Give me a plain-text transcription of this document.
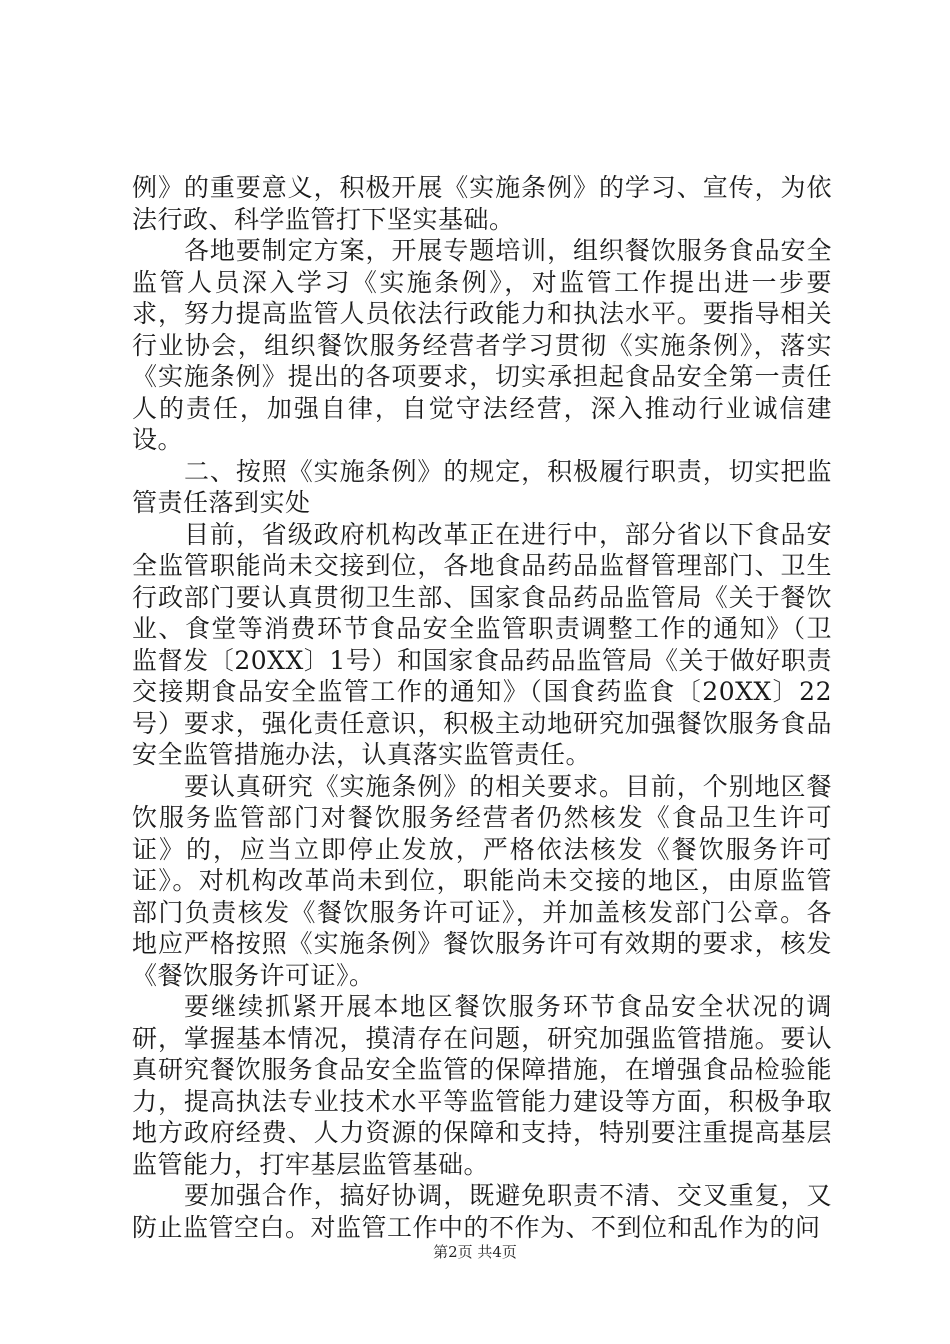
例》的重要意义，积极开展《实施条例》的学习、宣传，为依法行政、科学监管打下坚实基础。

各地要制定方案，开展专题培训，组织餐饮服务食品安全监管人员深入学习《实施条例》，对监管工作提出进一步要求，努力提高监管人员依法行政能力和执法水平。要指导相关行业协会，组织餐饮服务经营者学习贯彻《实施条例》，落实《实施条例》提出的各项要求，切实承担起食品安全第一责任人的责任，加强自律，自觉守法经营，深入推动行业诚信建设。

二、按照《实施条例》的规定，积极履行职责，切实把监管责任落到实处

目前，省级政府机构改革正在进行中，部分省以下食品安全监管职能尚未交接到位，各地食品药品监督管理部门、卫生行政部门要认真贯彻卫生部、国家食品药品监管局《关于餐饮业、食堂等消费环节食品安全监管职责调整工作的通知》（卫监督发〔20XX〕1号）和国家食品药品监管局《关于做好职责交接期食品安全监管工作的通知》（国食药监食〔20XX〕22号）要求，强化责任意识，积极主动地研究加强餐饮服务食品安全监管措施办法，认真落实监管责任。

要认真研究《实施条例》的相关要求。目前，个别地区餐饮服务监管部门对餐饮服务经营者仍然核发《食品卫生许可证》的，应当立即停止发放，严格依法核发《餐饮服务许可证》。对机构改革尚未到位，职能尚未交接的地区，由原监管部门负责核发《餐饮服务许可证》，并加盖核发部门公章。各地应严格按照《实施条例》餐饮服务许可有效期的要求，核发《餐饮服务许可证》。

要继续抓紧开展本地区餐饮服务环节食品安全状况的调研，掌握基本情况，摸清存在问题，研究加强监管措施。要认真研究餐饮服务食品安全监管的保障措施，在增强食品检验能力，提高执法专业技术水平等监管能力建设等方面，积极争取地方政府经费、人力资源的保障和支持，特别要注重提高基层监管能力，打牢基层监管基础。

要加强合作，搞好协调，既避免职责不清、交叉重复，又防止监管空白。对监管工作中的不作为、不到位和乱作为的问

第2页 共4页
